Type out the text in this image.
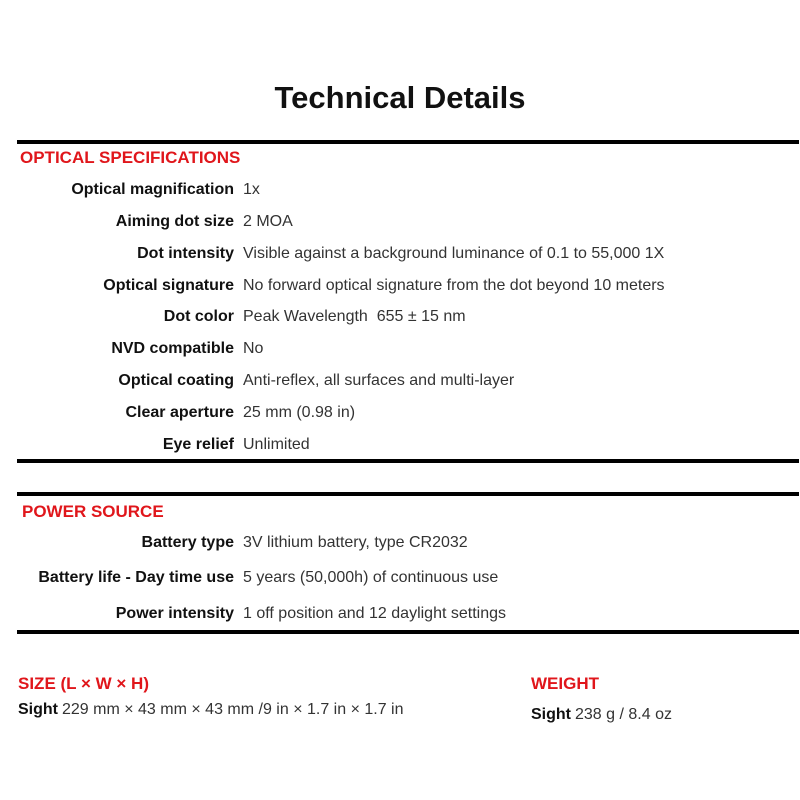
Technical Details
OPTICAL SPECIFICATIONS
Optical magnification 1x
Aiming dot size 2 MOA
Dot intensity Visible against a background luminance of 0.1 to 55,000 1X
Optical signature No forward optical signature from the dot beyond 10 meters
Dot color Peak Wavelength  655 ± 15 nm
NVD compatible No
Optical coating Anti-reflex, all surfaces and multi-layer
Clear aperture 25 mm (0.98 in)
Eye relief Unlimited
POWER SOURCE
Battery type 3V lithium battery, type CR2032
Battery life - Day time use 5 years (50,000h) of continuous use
Power intensity 1 off position and 12 daylight settings
SIZE (L × W × H)
Sight 229 mm × 43 mm × 43 mm /9 in × 1.7 in × 1.7 in
WEIGHT
Sight 238 g / 8.4 oz
